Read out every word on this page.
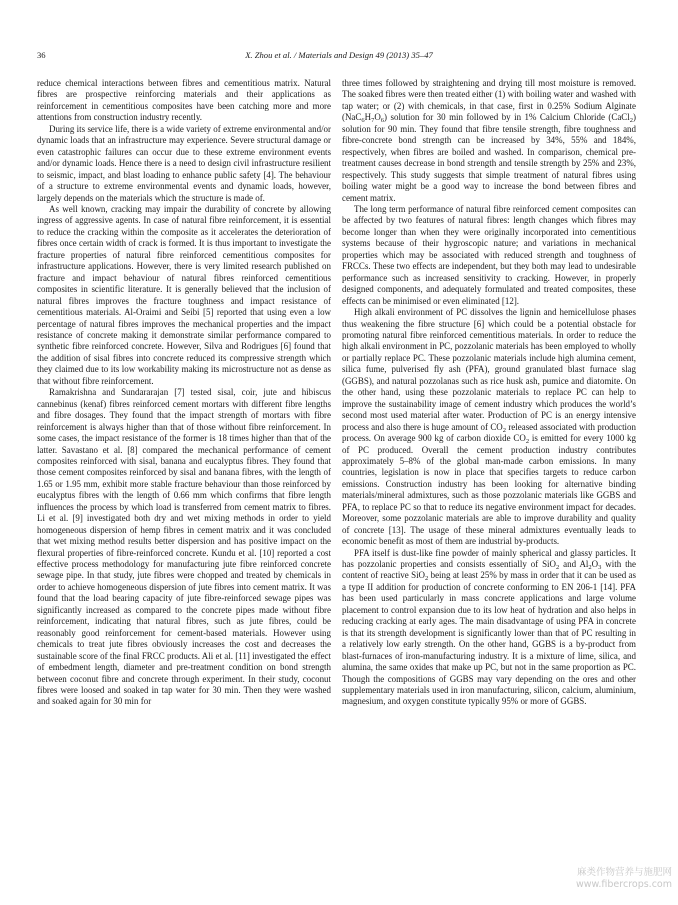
36	X. Zhou et al. / Materials and Design 49 (2013) 35–47

reduce chemical interactions between fibres and cementitious matrix. Natural fibres are prospective reinforcing materials and their applications as reinforcement in cementitious composites have been catching more and more attentions from construction industry recently.

During its service life, there is a wide variety of extreme environmental and/or dynamic loads that an infrastructure may experience. Severe structural damage or even catastrophic failures can occur due to these extreme environment events and/or dynamic loads. Hence there is a need to design civil infrastructure resilient to seismic, impact, and blast loading to enhance public safety [4]. The behaviour of a structure to extreme environmental events and dynamic loads, however, largely depends on the materials which the structure is made of.

As well known, cracking may impair the durability of concrete by allowing ingress of aggressive agents. In case of natural fibre reinforcement, it is essential to reduce the cracking within the composite as it accelerates the deterioration of fibres once certain width of crack is formed. It is thus important to investigate the fracture properties of natural fibre reinforced cementitious composites for infrastructure applications. However, there is very limited research published on fracture and impact behaviour of natural fibres reinforced cementitious composites in scientific literature. It is generally believed that the inclusion of natural fibres improves the fracture toughness and impact resistance of cementitious materials. Al-Oraimi and Seibi [5] reported that using even a low percentage of natural fibres improves the mechanical properties and the impact resistance of concrete making it demonstrate similar performance compared to synthetic fibre reinforced concrete. However, Silva and Rodrigues [6] found that the addition of sisal fibres into concrete reduced its compressive strength which they claimed due to its low workability making its microstructure not as dense as that without fibre reinforcement.

Ramakrishna and Sundararajan [7] tested sisal, coir, jute and hibiscus cannebinus (kenaf) fibres reinforced cement mortars with different fibre lengths and fibre dosages. They found that the impact strength of mortars with fibre reinforcement is always higher than that of those without fibre reinforcement. In some cases, the impact resistance of the former is 18 times higher than that of the latter. Savastano et al. [8] compared the mechanical performance of cement composites reinforced with sisal, banana and eucalyptus fibres. They found that those cement composites reinforced by sisal and banana fibres, with the length of 1.65 or 1.95 mm, exhibit more stable fracture behaviour than those reinforced by eucalyptus fibres with the length of 0.66 mm which confirms that fibre length influences the process by which load is transferred from cement matrix to fibres. Li et al. [9] investigated both dry and wet mixing methods in order to yield homogeneous dispersion of hemp fibres in cement matrix and it was concluded that wet mixing method results better dispersion and has positive impact on the flexural properties of fibre-reinforced concrete. Kundu et al. [10] reported a cost effective process methodology for manufacturing jute fibre reinforced concrete sewage pipe. In that study, jute fibres were chopped and treated by chemicals in order to achieve homogeneous dispersion of jute fibres into cement matrix. It was found that the load bearing capacity of jute fibre-reinforced sewage pipes was significantly increased as compared to the concrete pipes made without fibre reinforcement, indicating that natural fibres, such as jute fibres, could be reasonably good reinforcement for cement-based materials. However using chemicals to treat jute fibres obviously increases the cost and decreases the sustainable score of the final FRCC products. Ali et al. [11] investigated the effect of embedment length, diameter and pre-treatment condition on bond strength between coconut fibre and concrete through experiment. In their study, coconut fibres were loosed and soaked in tap water for 30 min. Then they were washed and soaked again for 30 min for

three times followed by straightening and drying till most moisture is removed. The soaked fibres were then treated either (1) with boiling water and washed with tap water; or (2) with chemicals, in that case, first in 0.25% Sodium Alginate $(NaC_6H_7O_6)$ solution for 30 min followed by in 1% Calcium Chloride (CaCl$_2$) solution for 90 min. They found that fibre tensile strength, fibre toughness and fibre-concrete bond strength can be increased by 34%, 55% and 184%, respectively, when fibres are boiled and washed. In comparison, chemical pre-treatment causes decrease in bond strength and tensile strength by 25% and 23%, respectively. This study suggests that simple treatment of natural fibres using boiling water might be a good way to increase the bond between fibres and cement matrix.

The long term performance of natural fibre reinforced cement composites can be affected by two features of natural fibres: length changes which fibres may become longer than when they were originally incorporated into cementitious systems because of their hygroscopic nature; and variations in mechanical properties which may be associated with reduced strength and toughness of FRCCs. These two effects are independent, but they both may lead to undesirable performance such as increased sensitivity to cracking. However, in properly designed components, and adequately formulated and treated composites, these effects can be minimised or even eliminated [12].

High alkali environment of PC dissolves the lignin and hemicellulose phases thus weakening the fibre structure [6] which could be a potential obstacle for promoting natural fibre reinforced cementitious materials. In order to reduce the high alkali environment in PC, pozzolanic materials has been employed to wholly or partially replace PC. These pozzolanic materials include high alumina cement, silica fume, pulverised fly ash (PFA), ground granulated blast furnace slag (GGBS), and natural pozzolanas such as rice husk ash, pumice and diatomite. On the other hand, using these pozzolanic materials to replace PC can help to improve the sustainability image of cement industry which produces the world’s second most used material after water. Production of PC is an energy intensive process and also there is huge amount of $CO_2$ released associated with production process. On average 900 kg of carbon dioxide $CO_2$ is emitted for every 1000 kg of PC produced. Overall the cement production industry contributes approximately 5–8% of the global man-made carbon emissions. In many countries, legislation is now in place that specifies targets to reduce carbon emissions. Construction industry has been looking for alternative binding materials/mineral admixtures, such as those pozzolanic materials like GGBS and PFA, to replace PC so that to reduce its negative environment impact for decades. Moreover, some pozzolanic materials are able to improve durability and quality of concrete [13]. The usage of these mineral admixtures eventually leads to economic benefit as most of them are industrial by-products.

PFA itself is dust-like fine powder of mainly spherical and glassy particles. It has pozzolanic properties and consists essentially of SiO$_2$ and $Al_2O_3$ with the content of reactive SiO$_2$ being at least 25% by mass in order that it can be used as a type II addition for production of concrete conforming to EN 206-1 [14]. PFA has been used particularly in mass concrete applications and large volume placement to control expansion due to its low heat of hydration and also helps in reducing cracking at early ages. The main disadvantage of using PFA in concrete is that its strength development is significantly lower than that of PC resulting in a relatively low early strength. On the other hand, GGBS is a by-product from blast-furnaces of iron-manufacturing industry. It is a mixture of lime, silica, and alumina, the same oxides that make up PC, but not in the same proportion as PC. Though the compositions of GGBS may vary depending on the ores and other supplementary materials used in iron manufacturing, silicon, calcium, aluminium, magnesium, and oxygen constitute typically 95% or more of GGBS.

麻类作物营养与施肥网
www.fibercrops.com
